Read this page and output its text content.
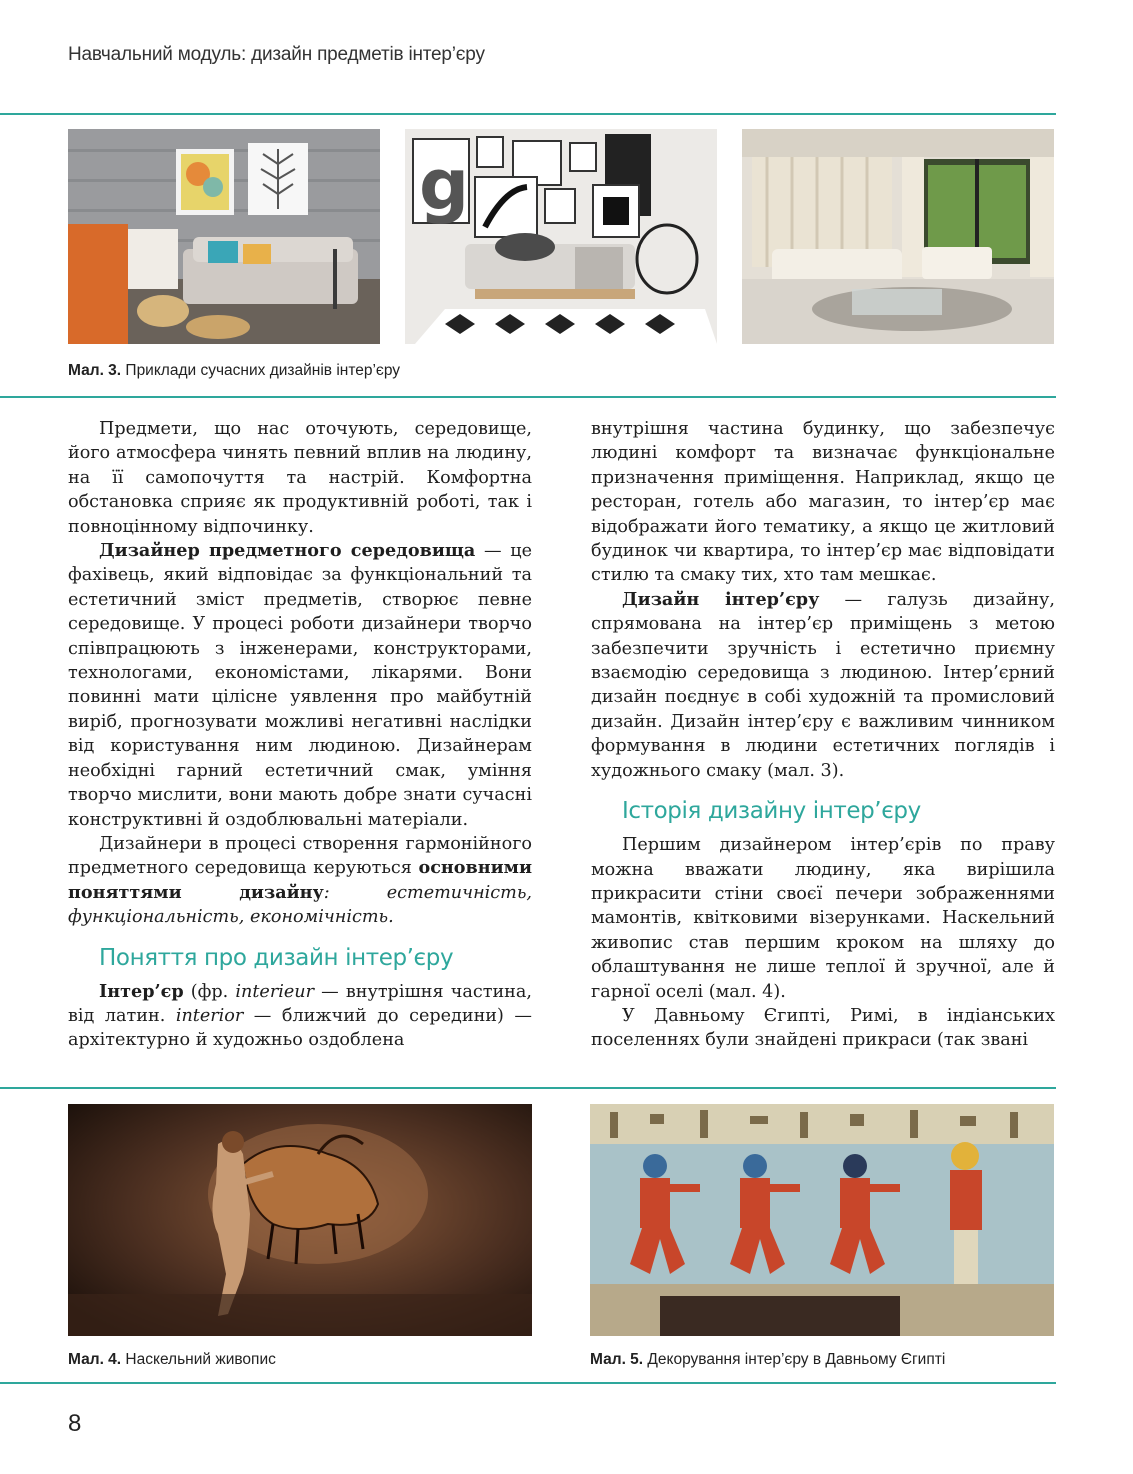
Навчальний модуль: дизайн предметів інтер’єру
g
Мал. 3. Приклади сучасних дизайнів інтер’єру

Предмети, що нас оточують, середовище, його атмосфера чинять певний вплив на людину, на її самопочуття та настрій. Комфортна обстановка сприяє як продуктивній роботі, так і повноцінному відпочинку.

Дизайнер предметного середовища — це фахівець, який відповідає за функціональний та естетичний зміст предметів, створює певне середовище. У процесі роботи дизайнери творчо співпрацюють з інженерами, конструкторами, технологами, економістами, лікарями. Вони повинні мати цілісне уявлення про майбутній виріб, прогнозувати можливі негативні наслідки від користування ним людиною. Дизайнерам необхідні гарний естетичний смак, уміння творчо мислити, вони мають добре знати сучасні конструктивні й оздоблювальні матеріали.

Дизайнери в процесі створення гармонійного предметного середовища керуються основними поняттями дизайну: естетичність, функціональність, економічність.

Поняття про дизайн інтер’єру

Інтер’єр (фр. interieur — внутрішня частина, від латин. interior — ближчий до середини) — архітектурно й художньо оздоблена

внутрішня частина будинку, що забезпечує людині комфорт та визначає функціональне призначення приміщення. Наприклад, якщо це ресторан, готель або магазин, то інтер’єр має відображати його тематику, а якщо це житловий будинок чи квартира, то інтер’єр має відповідати стилю та смаку тих, хто там мешкає.

Дизайн інтер’єру — галузь дизайну, спрямована на інтер’єр приміщень з метою забезпечити зручність і естетично приємну взаємодію середовища з людиною. Інтер’єрний дизайн поєднує в собі художній та промисловий дизайн. Дизайн інтер’єру є важливим чинником формування в людини естетичних поглядів і художнього смаку (мал. 3).

Історія дизайну інтер’єру

Першим дизайнером інтер’єрів по праву можна вважати людину, яка вирішила прикрасити стіни своєї печери зображеннями мамонтів, квітковими візерунками. Наскельний живопис став першим кроком на шляху до облаштування не лише теплої й зручної, але й гарної оселі (мал. 4).

У Давньому Єгипті, Римі, в індіанських поселеннях були знайдені прикраси (так звані

Мал. 4. Наскельний живопис	Мал. 5. Декорування інтер’єру в Давньому Єгипті
8
